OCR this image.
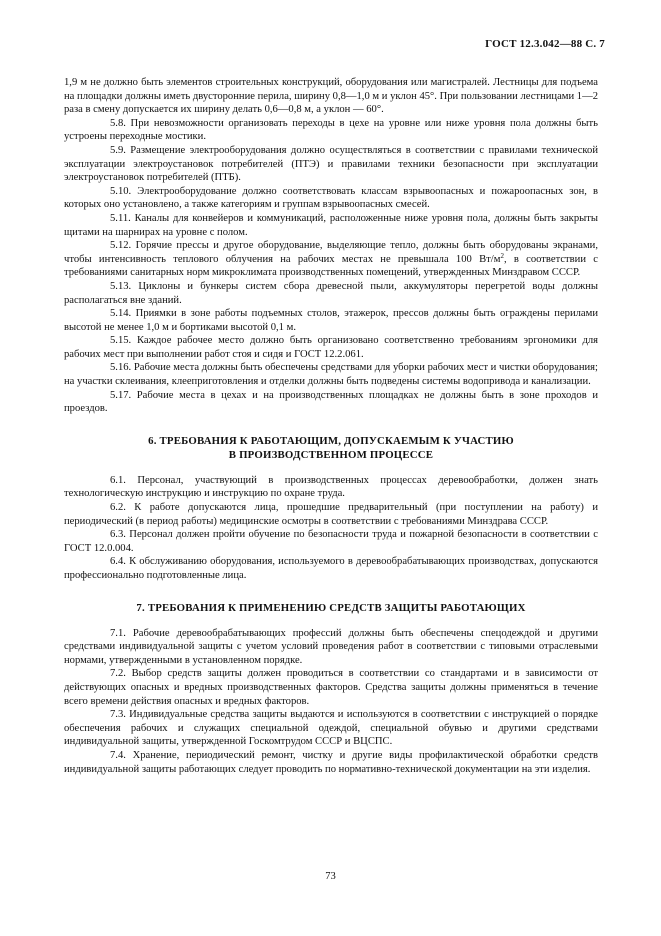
ГОСТ 12.3.042—88 С. 7

1,9 м не должно быть элементов строительных конструкций, оборудования или магистралей. Лестницы для подъема на площадки должны иметь двусторонние перила, ширину 0,8—1,0 м и уклон 45°. При пользовании лестницами 1—2 раза в смену допускается их ширину делать 0,6—0,8 м, а уклон — 60°.

5.8. При невозможности организовать переходы в цехе на уровне или ниже уровня пола должны быть устроены переходные мостики.

5.9. Размещение электрооборудования должно осуществляться в соответствии с правилами технической эксплуатации электроустановок потребителей (ПТЭ) и правилами техники безопасности при эксплуатации электроустановок потребителей (ПТБ).

5.10. Электрооборудование должно соответствовать классам взрывоопасных и пожароопасных зон, в которых оно установлено, а также категориям и группам взрывоопасных смесей.

5.11. Каналы для конвейеров и коммуникаций, расположенные ниже уровня пола, должны быть закрыты щитами на шарнирах на уровне с полом.

5.12. Горячие прессы и другое оборудование, выделяющие тепло, должны быть оборудованы экранами, чтобы интенсивность теплового облучения на рабочих местах не превышала 100 $Вт/м^2$, в соответствии с требованиями санитарных норм микроклимата производственных помещений, утвержденных Минздравом СССР.

5.13. Циклоны и бункеры систем сбора древесной пыли, аккумуляторы перегретой воды должны располагаться вне зданий.

5.14. Приямки в зоне работы подъемных столов, этажерок, прессов должны быть ограждены перилами высотой не менее 1,0 м и бортиками высотой 0,1 м.

5.15. Каждое рабочее место должно быть организовано соответственно требованиям эргономики для рабочих мест при выполнении работ стоя и сидя и ГОСТ 12.2.061.

5.16. Рабочие места должны быть обеспечены средствами для уборки рабочих мест и чистки оборудования; на участки склеивания, клееприготовления и отделки должны быть подведены системы водопривода и канализации.

5.17. Рабочие места в цехах и на производственных площадках не должны быть в зоне проходов и проездов.

6. ТРЕБОВАНИЯ К РАБОТАЮЩИМ, ДОПУСКАЕМЫМ К УЧАСТИЮ
В ПРОИЗВОДСТВЕННОМ ПРОЦЕССЕ

6.1. Персонал, участвующий в производственных процессах деревообработки, должен знать технологическую инструкцию и инструкцию по охране труда.

6.2. К работе допускаются лица, прошедшие предварительный (при поступлении на работу) и периодический (в период работы) медицинские осмотры в соответствии с требованиями Минздрава СССР.

6.3. Персонал должен пройти обучение по безопасности труда и пожарной безопасности в соответствии с ГОСТ 12.0.004.

6.4. К обслуживанию оборудования, используемого в деревообрабатывающих производствах, допускаются профессионально подготовленные лица.

7. ТРЕБОВАНИЯ К ПРИМЕНЕНИЮ СРЕДСТВ ЗАЩИТЫ РАБОТАЮЩИХ

7.1. Рабочие деревообрабатывающих профессий должны быть обеспечены спецодеждой и другими средствами индивидуальной защиты с учетом условий проведения работ в соответствии с типовыми отраслевыми нормами, утвержденными в установленном порядке.

7.2. Выбор средств защиты должен проводиться в соответствии со стандартами и в зависимости от действующих опасных и вредных производственных факторов. Средства защиты должны применяться в течение всего времени действия опасных и вредных факторов.

7.3. Индивидуальные средства защиты выдаются и используются в соответствии с инструкцией о порядке обеспечения рабочих и служащих специальной одеждой, специальной обувью и другими средствами индивидуальной защиты, утвержденной Госкомтрудом СССР и ВЦСПС.

7.4. Хранение, периодический ремонт, чистку и другие виды профилактической обработки средств индивидуальной защиты работающих следует проводить по нормативно-технической документации на эти изделия.

73
